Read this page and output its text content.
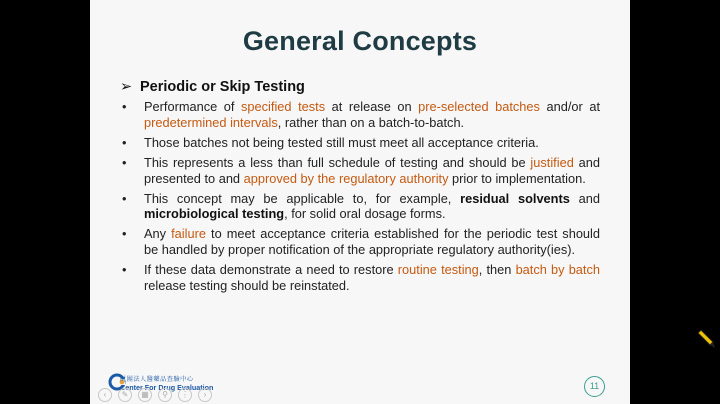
General Concepts
➢ Periodic or Skip Testing
• Performance of specified tests at release on pre-selected batches and/or at predetermined intervals, rather than on a batch-to-batch.
• Those batches not being tested still must meet all acceptance criteria.
• This represents a less than full schedule of testing and should be justified and presented to and approved by the regulatory authority prior to implementation.
• This concept may be applicable to, for example, residual solvents and microbiological testing, for solid oral dosage forms.
• Any failure to meet acceptance criteria established for the periodic test should be handled by proper notification of the appropriate regulatory authority(ies).
• If these data demonstrate a need to restore routine testing, then batch by batch release testing should be reinstated.
財團法人醫藥品查驗中心
Center For Drug Evaluation	11
‹	✎	▦	⚲	⋮	›
